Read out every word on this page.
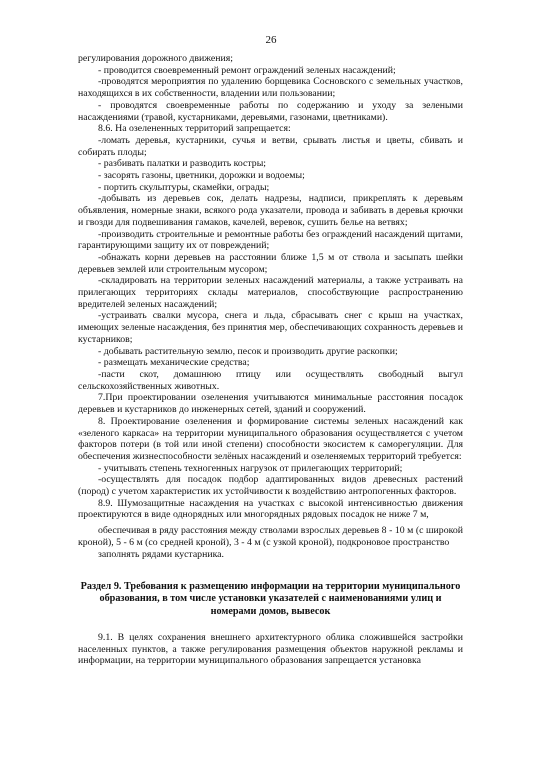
26

регулирования дорожного движения;

- проводится своевременный ремонт ограждений зеленых насаждений;

-проводятся мероприятия по удалению борщевика Сосновского с земельных участков, находящихся в их собственности, владении или пользовании;

- проводятся своевременные работы по содержанию и уходу за зелеными насаждениями (травой, кустарниками, деревьями, газонами, цветниками).

8.6. На озелененных территорий запрещается:

-ломать деревья, кустарники, сучья и ветви, срывать листья и цветы, сбивать и собирать плоды;

- разбивать палатки и разводить костры;

- засорять газоны, цветники, дорожки и водоемы;

- портить скульптуры, скамейки, ограды;

-добывать из деревьев сок, делать надрезы, надписи, прикреплять к деревьям объявления, номерные знаки, всякого рода указатели, провода и забивать в деревья крючки и гвозди для подвешивания гамаков, качелей, веревок, сушить белье на ветвях;

-производить строительные и ремонтные работы без ограждений насаждений щитами, гарантирующими защиту их от повреждений;

-обнажать корни деревьев на расстоянии ближе 1,5 м от ствола и засыпать шейки деревьев землей или строительным мусором;

-складировать на территории зеленых насаждений материалы, а также устраивать на прилегающих территориях склады материалов, способствующие распространению вредителей зеленых насаждений;

-устраивать свалки мусора, снега и льда, сбрасывать снег с крыш на участках, имеющих зеленые насаждения, без принятия мер, обеспечивающих сохранность деревьев и кустарников;

- добывать растительную землю, песок и производить другие раскопки;

- размещать механические средства;

-пасти скот, домашнюю птицу или осуществлять свободный выгул сельскохозяйственных животных.

7.При проектировании озеленения учитываются минимальные расстояния посадок деревьев и кустарников до инженерных сетей, зданий и сооружений.

8. Проектирование озеленения и формирование системы зеленых насаждений как «зеленого каркаса» на территории муниципального образования осуществляется с учетом факторов потери (в той или иной степени) способности экосистем к саморегуляции. Для обеспечения жизнеспособности зелёных насаждений и озеленяемых территорий требуется:

- учитывать степень техногенных нагрузок от прилегающих территорий;

-осуществлять для посадок подбор адаптированных видов древесных растений (пород) с учетом характеристик их устойчивости к воздействию антропогенных факторов.

8.9. Шумозащитные насаждения на участках с высокой интенсивностью движения проектируются в виде однорядных или многорядных рядовых посадок не ниже 7 м,

обеспечивая в ряду расстояния между стволами взрослых деревьев 8 - 10 м (с широкой кроной), 5 - 6 м (со средней кроной), 3 - 4 м (с узкой кроной), подкроновое пространство

заполнять рядами кустарника.

Раздел 9. Требования к размещению информации на территории муниципального образования, в том числе установки указателей с наименованиями улиц и номерами домов, вывесок

9.1. В целях сохранения внешнего архитектурного облика сложившейся застройки населенных пунктов, а также регулирования размещения объектов наружной рекламы и информации, на территории муниципального образования запрещается установка
